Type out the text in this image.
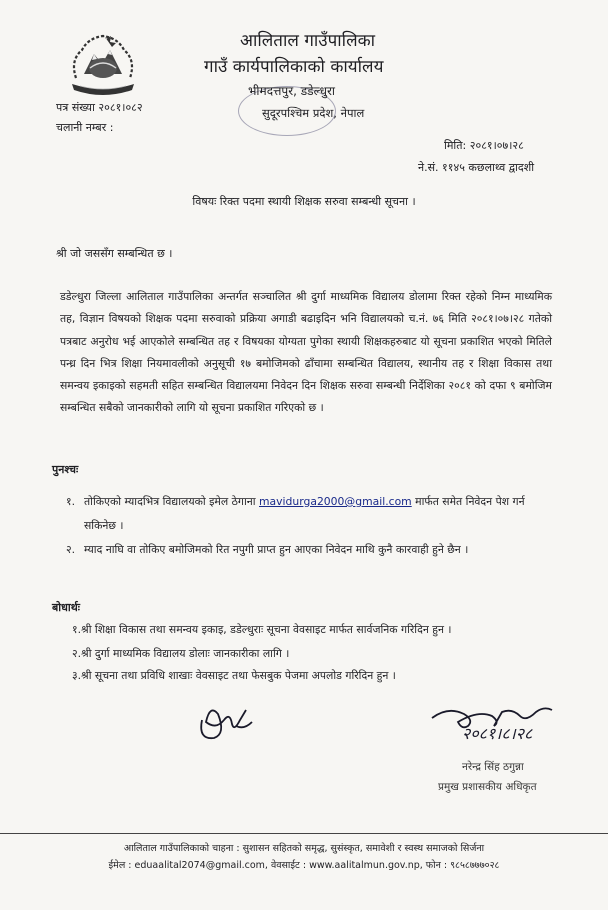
आलिताल गाउँपालिका
गाउँ कार्यपालिकाको कार्यालय
भीमदत्तपुर, डडेल्धुरा
सुदूरपश्चिम प्रदेश, नेपाल
पत्र संख्या २०८१।०८२
चलानी नम्बर :
मिति: २०८१।०७।२८
ने.सं. ११४५ कछलाथ्व द्वादशी
विषयः रिक्त पदमा स्थायी शिक्षक सरुवा सम्बन्धी सूचना ।
श्री जो जससँग सम्बन्धित छ ।
डडेल्धुरा जिल्ला आलिताल गाउँपालिका अन्तर्गत सञ्चालित श्री दुर्गा माध्यमिक विद्यालय डोलामा रिक्त रहेको निम्न माध्यमिक तह, विज्ञान विषयको शिक्षक पदमा सरुवाको प्रक्रिया अगाडी बढाइदिन भनि विद्यालयको च.नं. ७६ मिति २०८१।०७।२८ गतेको पत्रबाट अनुरोध भई आएकोले सम्बन्धित तह र विषयका योग्यता पुगेका स्थायी शिक्षकहरुबाट यो सूचना प्रकाशित भएको मितिले पन्ध्र दिन भित्र शिक्षा नियमावलीको अनुसूची १७ बमोजिमको ढाँचामा सम्बन्धित विद्यालय, स्थानीय तह र शिक्षा विकास तथा समन्वय इकाइको सहमती सहित सम्बन्धित विद्यालयमा निवेदन दिन शिक्षक सरुवा सम्बन्धी निर्देशिका २०८१ को दफा ९ बमोजिम सम्बन्धित सबैको जानकारीको लागि यो सूचना प्रकाशित गरिएको छ ।
पुनश्चः
१. तोकिएको म्यादभित्र विद्यालयको इमेल ठेगाना mavidurga2000@gmail.com मार्फत समेत निवेदन पेश गर्न
सकिनेछ ।
२. म्याद नाघि वा तोकिए बमोजिमको रित नपुगी प्राप्त हुन आएका निवेदन माथि कुनै कारवाही हुने छैन ।
बोधार्थः
१.श्री शिक्षा विकास तथा समन्वय इकाइ, डडेल्धुराः सूचना वेवसाइट मार्फत सार्वजनिक गरिदिन हुन ।
२.श्री दुर्गा माध्यमिक विद्यालय डोलाः जानकारीका लागि ।
३.श्री सूचना तथा प्रविधि शाखाः वेवसाइट तथा फेसबुक पेजमा अपलोड गरिदिन हुन ।
२०८१।८।२८
नरेन्द्र सिंह ठगुन्ना
प्रमुख प्रशासकीय अधिकृत
आलिताल गाउँपालिकाको चाहना : सुशासन सहितको समृद्ध, सुसंस्कृत, समावेशी र स्वस्थ समाजको सिर्जना
ईमेल : eduaalital2074@gmail.com, वेवसाईट : www.aalitalmun.gov.np, फोन : ९८५८७७७०२८
